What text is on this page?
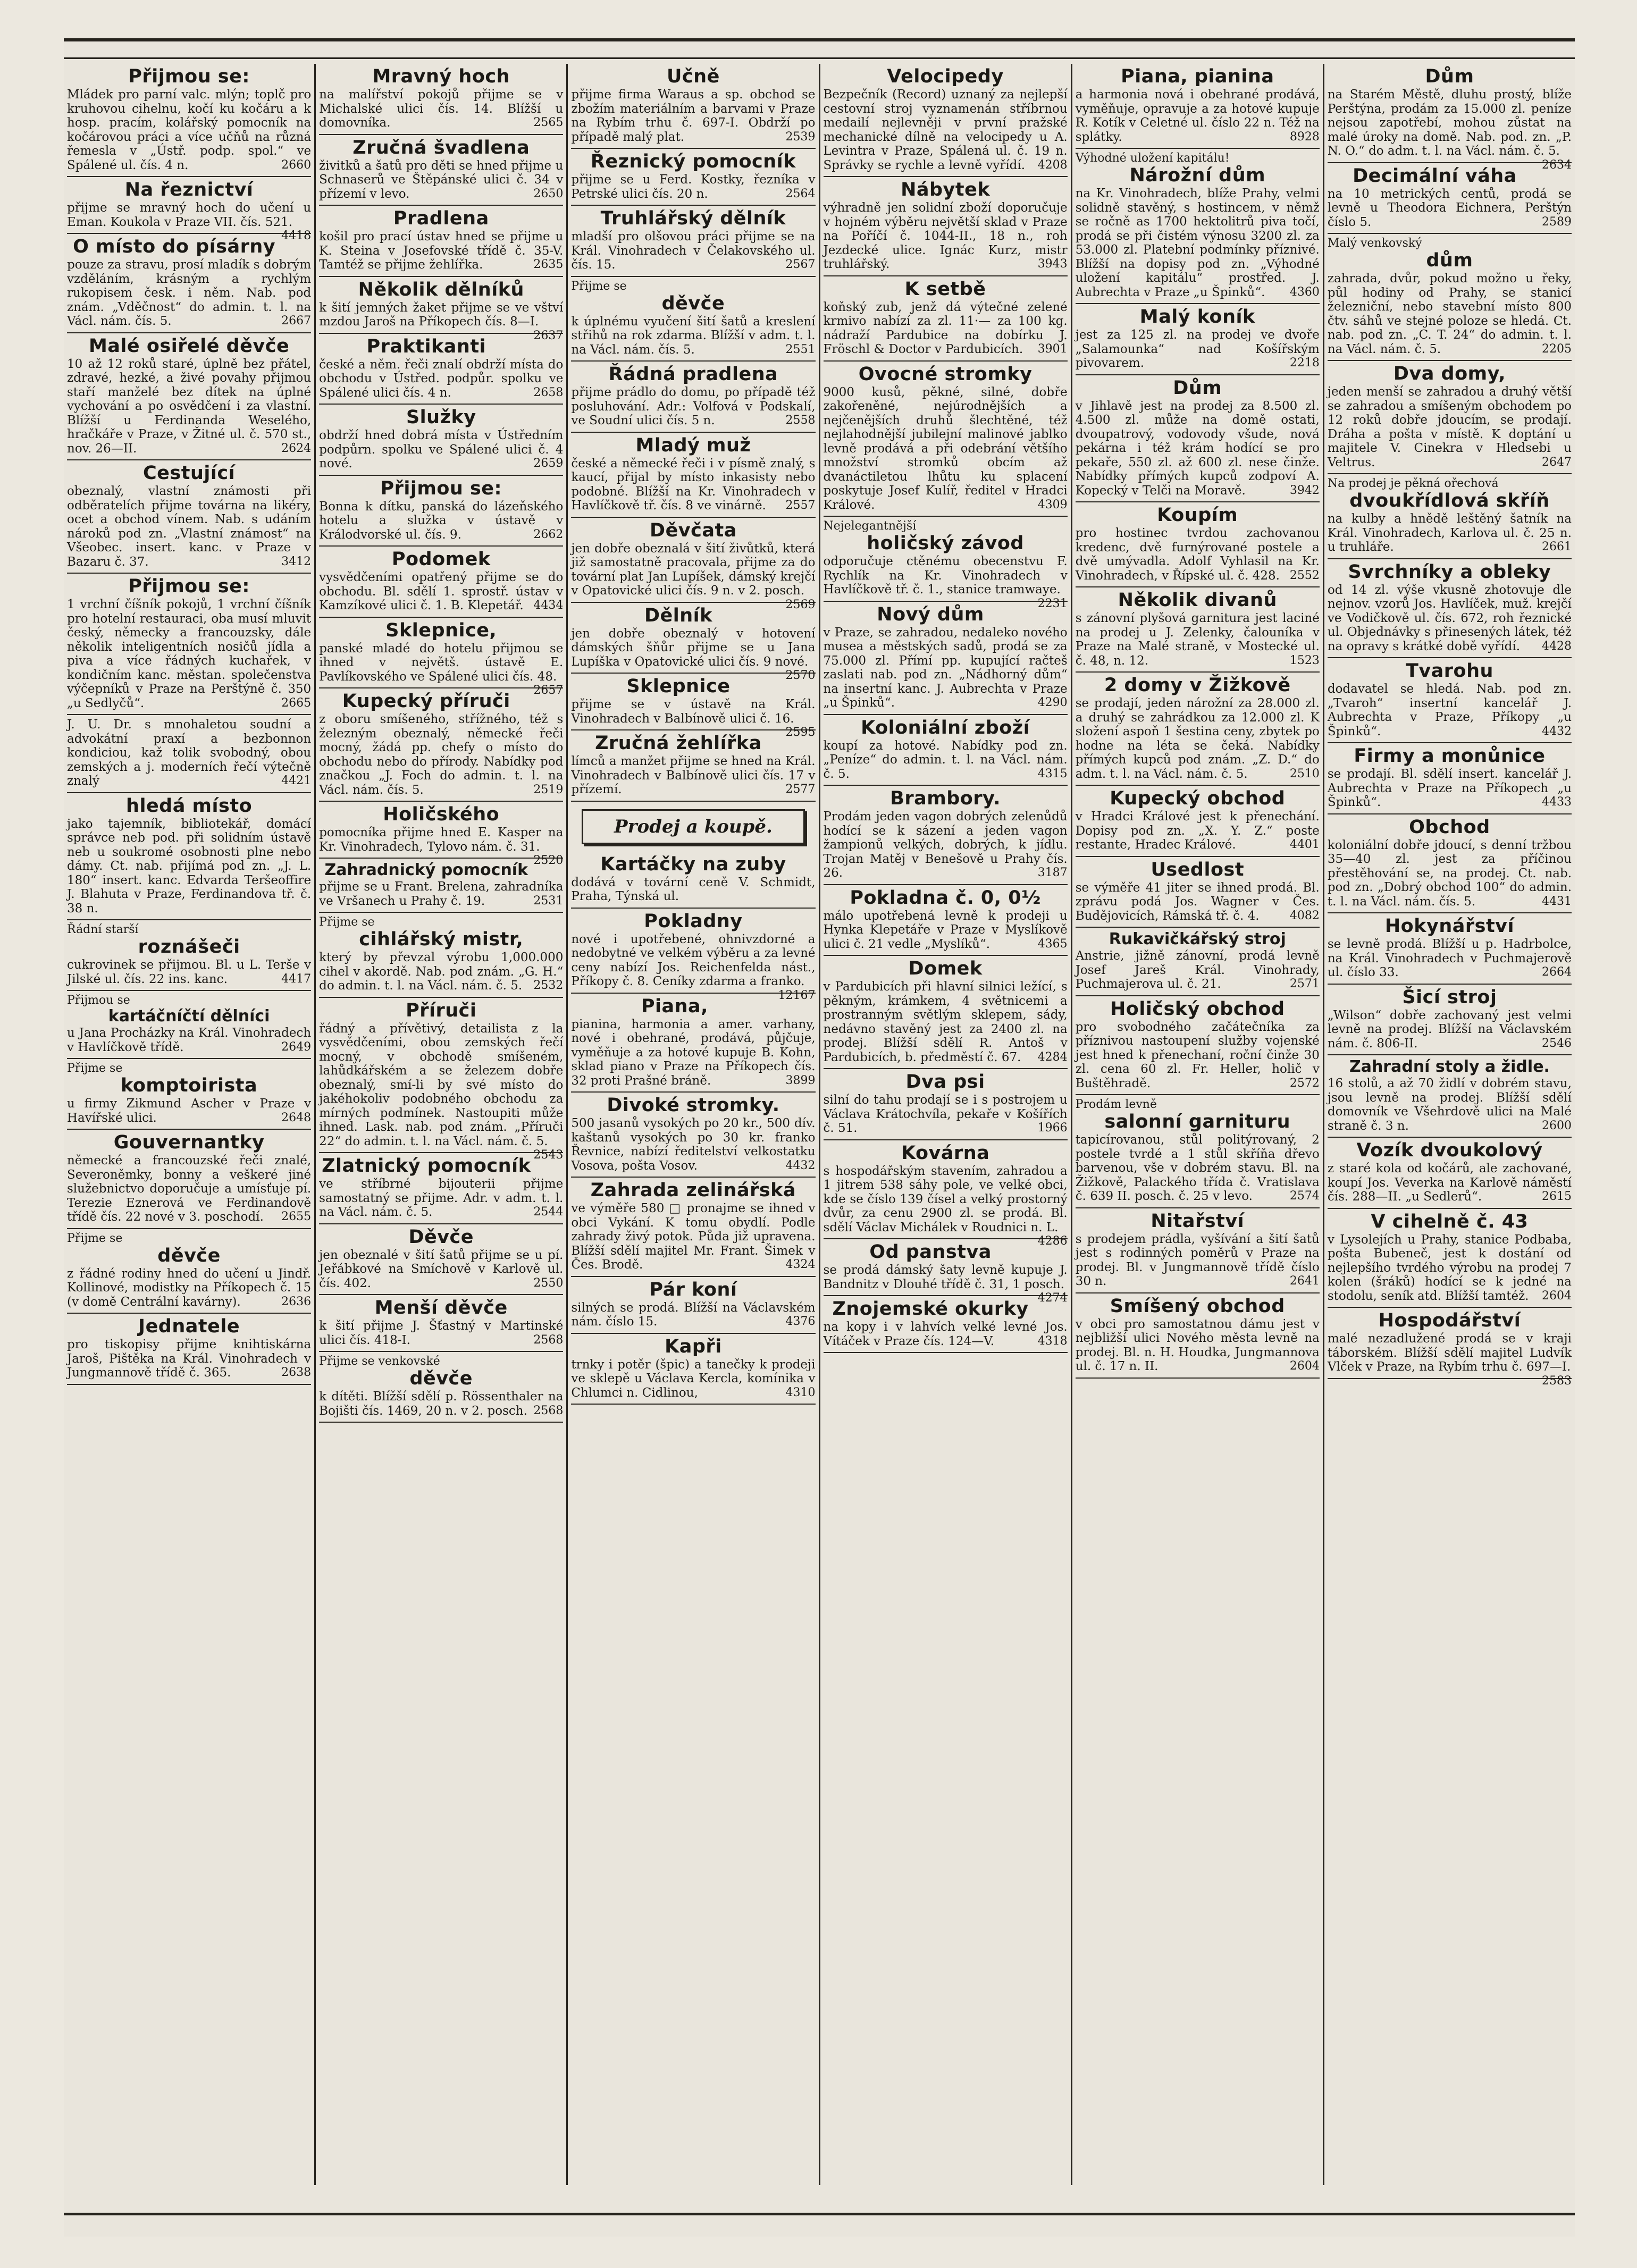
Přijmou se:

Mládek pro parní valc. mlýn; toplč pro kruhovou cihelnu, kočí ku kočáru a k hosp. pracím, kolářský pomocník na kočárovou práci a více učňů na různá řemesla v „Ústř. podp. spol.“ ve Spálené ul. čís. 4 n.	2660

Na řeznictví

přijme se mravný hoch do učení u Eman. Koukola v Praze VII. čís. 521.
4418

O místo do písárny

pouze za stravu, prosí mladík s dobrým vzděláním, krásným a rychlým rukopisem česk. i něm. Nab. pod znám. „Vděčnost“ do admin. t. l. na Václ. nám. čís. 5.	2667

Malé osiřelé děvče

10 až 12 roků staré, úplně bez přátel, zdravé, hezké, a živé povahy přijmou staří manželé bez dítek na úplné vychování a po osvědčení i za vlastní. Blížší u Ferdinanda Weselého, hračkáře v Praze, v Žitné ul. č. 570 st., nov. 26—II.	2624

Cestující

obeznalý, vlastní známosti při odběratelích přijme továrna na likéry, ocet a obchod vínem. Nab. s udáním nároků pod zn. „Vlastní známost“ na Všeobec. insert. kanc. v Praze v Bazaru č. 37.	3412

Přijmou se:

1 vrchní číšník pokojů, 1 vrchní číšník pro hotelní restauraci, oba musí mluvit český, německy a francouzsky, dále několik inteligentních nosičů jídla a piva a více řádných kuchařek, v kondičním kanc. městan. společenstva výčepníků v Praze na Perštýně č. 350 „u Sedlyčů“.	2665

J. U. Dr. s mnohaletou soudní a advokátní praxí a bezbonnon kondiciou, kaž tolik svobodný, obou zemských a j. moderních řečí výtečně znalý	4421

hledá místo

jako tajemník, bibliotekář, domácí správce neb pod. při solidním ústavě neb u soukromé osobnosti plne nebo dámy. Ct. nab. přijímá pod zn. „J. L. 180“ insert. kanc. Edvarda Teršeoffire J. Blahuta v Praze, Ferdinandova tř. č. 38 n.

Řádní starší
roznášeči

cukrovinek se přijmou. Bl. u L. Terše v Jilské ul. čís. 22 ins. kanc.	4417

Přijmou se
kartáčníčtí dělníci

u Jana Procházky na Král. Vinohradech v Havlíčkově třídě.	2649

Přijme se
komptoirista

u firmy Zikmund Ascher v Praze v Havířské ulici.	2648

Gouvernantky

německé a francouzské řeči znalé, Severoněmky, bonny a veškeré jiné služebnictvo doporučuje a umísťuje pí. Terezie Eznerová ve Ferdinandově třídě čís. 22 nové v 3. poschodí. 2655

Přijme se
děvče

z řádné rodiny hned do učení u Jindř. Kollinové, modistky na Příkopech č. 15 (v domě Centrální kavárny).	2636

Jednatele

pro tiskopisy přijme knihtiskárna Jaroš, Pištěka na Král. Vinohradech v Jungmannově třídě č. 365.	2638

Mravný hoch

na malířství pokojů přijme se v Michalské ulici čís. 14. Blížší u domovníka.	2565

Zručná švadlena

živitků a šatů pro děti se hned přijme u Schnaserů ve Štěpánské ulici č. 34 v přízemí v levo.	2650

Pradlena

košil pro prací ústav hned se přijme u K. Steina v Josefovské třídě č. 35-V. Tamtéž se přijme žehlířka.	2635

Několik dělníků

k šití jemných žaket přijme se ve vštví mzdou Jaroš na Příkopech čís. 8—I.
2637

Praktikanti

české a něm. řeči znalí obdrží místa do obchodu v Ústřed. podpůr. spolku ve Spálené ulici čís. 4 n.	2658

Služky

obdrží hned dobrá místa v Ústředním podpůrn. spolku ve Spálené ulici č. 4 nové.	2659

Přijmou se:

Bonna k dítku, panská do lázeňského hotelu a služka v ústavě v Králodvorské ul. čís. 9.	2662

Podomek

vysvědčeními opatřený přijme se do obchodu. Bl. sdělí 1. sprostř. ústav v Kamzíkové ulici č. 1. B. Klepetář. 4434

Sklepnice,

panské mladé do hotelu přijmou se ihned v největš. ústavě E. Pavlíkovského ve Spálené ulici čís. 48.
2657

Kupecký příruči

z oboru smíšeného, střížného, též s železným obeznalý, německé řeči mocný, žádá pp. chefy o místo do obchodu nebo do přírody. Nabídky pod značkou „J. Foch do admin. t. l. na Václ. nám. čís. 5.	2519

Holičského

pomocníka přijme hned E. Kasper na Kr. Vinohradech, Tylovo nám. č. 31.
2520

Zahradnický pomocník

přijme se u Frant. Brelena, zahradníka ve Vršanech u Prahy č. 19.	2531

Přijme se
cihlářský mistr,

který by převzal výrobu 1,000.000 cihel v akordě. Nab. pod znám. „G. H.“ do admin. t. l. na Václ. nám. č. 5. 2532

Příruči

řádný a přívětivý, detailista z la vysvědčeními, obou zemských řečí mocný, v obchodě smíšeném, lahůdkářském a se železem dobře obeznalý, smí-li by své místo do jakéhokoliv podobného obchodu za mírných podmínek. Nastoupiti může ihned. Lask. nab. pod znám. „Příruči 22“ do admin. t. l. na Václ. nám. č. 5.
2543

Zlatnický pomocník

ve stříbrné bijouterii přijme samostatný se přijme. Adr. v adm. t. l. na Václ. nám. č. 5.	2544

Děvče

jen obeznalé v šití šatů přijme se u pí. Jeřábkové na Smíchově v Karlově ul. čís. 402.	2550

Menší děvče

k šití přijme J. Šťastný v Martinské ulici čís. 418-I.	2568

Přijme se venkovské
děvče

k dítěti. Blížší sdělí p. Rössenthaler na Bojišti čís. 1469, 20 n. v 2. posch. 2568

Učně

přijme firma Waraus a sp. obchod se zbožím materiálním a barvami v Praze na Rybím trhu č. 697-I. Obdrží po případě malý plat.	2539

Řeznický pomocník

přijme se u Ferd. Kostky, řezníka v Petrské ulici čís. 20 n.	2564

Truhlářský dělník

mladší pro olšovou práci přijme se na Král. Vinohradech v Čelakovského ul. čís. 15.	2567

Přijme se
děvče

k úplnému vyučení šití šatů a kreslení střihů na rok zdarma. Blížší v adm. t. l. na Václ. nám. čís. 5.	2551

Řádná pradlena

přijme prádlo do domu, po případě též posluhování. Adr.: Volfová v Podskalí, ve Soudní ulici čís. 5 n.	2558

Mladý muž

české a německé řeči i v písmě znalý, s kaucí, přijal by místo inkasisty nebo podobné. Blížší na Kr. Vinohradech v Havlíčkově tř. čís. 8 ve vinárně. 2557

Děvčata

jen dobře obeznalá v šití živůtků, která již samostatně pracovala, přijme za do tovární plat Jan Lupíšek, dámský krejčí v Opatovické ulici čís. 9 n. v 2. posch.
2569

Dělník

jen dobře obeznalý v hotovení dámských šňůr přijme se u Jana Lupíška v Opatovické ulici čís. 9 nové.
2570

Sklepnice

přijme se v ústavě na Král. Vinohradech v Balbínově ulici č. 16.
2595

Zručná žehlířka

límců a manžet přijme se hned na Král. Vinohradech v Balbínově ulici čís. 17 v přízemí.	2577

Prodej a koupě.
Kartáčky na zuby

dodává v tovární ceně V. Schmidt, Praha, Týnská ul.

Pokladny

nové i upotřebené, ohnivzdorné a nedobytné ve velkém výběru a za levné ceny nabízí Jos. Reichenfelda nást., Příkopy č. 8. Ceníky zdarma a franko.
12167

Piana,

pianina, harmonia a amer. varhany, nové i obehrané, prodává, půjčuje, vyměňuje a za hotové kupuje B. Kohn, sklad piano v Praze na Příkopech čís. 32 proti Prašné bráně.	3899

Divoké stromky.

500 jasanů vysokých po 20 kr., 500 dív. kaštanů vysokých po 30 kr. franko Řevnice, nabízí ředitelství velkostatku Vosova, pošta Vosov.	4432

Zahrada zelinářská

ve výměře 580 □ pronajme se ihned v obci Vykání. K tomu obydlí. Podle zahrady živý potok. Půda již upravena. Blížší sdělí majitel Mr. Frant. Šimek v Čes. Brodě.	4324

Pár koní

silných se prodá. Blížší na Václavském nám. číslo 15.	4376

Kapři

trnky i potěr (špic) a tanečky k prodeji ve sklepě u Václava Kercla, komínika v Chlumci n. Cidlinou,	4310

Velocipedy

Bezpečník (Record) uznaný za nejlepší cestovní stroj vyznamenán stříbrnou medailí nejlevněji v první pražské mechanické dílně na velocipedy u A. Levintra v Praze, Spálená ul. č. 19 n. Správky se rychle a levně vyřídí. 4208

Nábytek

výhradně jen solidní zboží doporučuje v hojném výběru největší sklad v Praze na Poříčí č. 1044-II., 18 n., roh Jezdecké ulice. Ignác Kurz, mistr truhlářský.	3943

K setbě

koňský zub, jenž dá výtečné zelené krmivo nabízí za zl. 11·— za 100 kg. nádraží Pardubice na dobírku J. Fröschl & Doctor v Pardubicích. 3901

Ovocné stromky

9000 kusů, pěkné, silné, dobře zakořeněné, nejúrodnějších a nejčenějších druhů šlechtěné, též nejlahodnější jubilejní malinové jablko levně prodává a při odebrání většího množství stromků obcím až dvanáctiletou lhůtu ku splacení poskytuje Josef Kulíř, ředitel v Hradci Králové.	4309

Nejelegantnější
holičský závod

odporučuje ctěnému obecenstvu F. Rychlík na Kr. Vinohradech v Havlíčkově tř. č. 1., stanice tramwaye.
2231

Nový dům

v Praze, se zahradou, nedaleko nového musea a městských sadů, prodá se za 75.000 zl. Přímí pp. kupující račteš zaslati nab. pod zn. „Nádhorný dům“ na insertní kanc. J. Aubrechta v Praze „u Špinků“.	4290

Koloniální zboží

koupí za hotové. Nabídky pod zn. „Peníze“ do admin. t. l. na Václ. nám. č. 5.	4315

Brambory.

Prodám jeden vagon dobrých zelenůdů hodící se k sázení a jeden vagon žampionů velkých, dobrých, k jídlu. Trojan Matěj v Benešově u Prahy čís. 26.	3187

Pokladna č. 0, 0½

málo upotřebená levně k prodeji u Hynka Klepetáře v Praze v Myslíkově ulici č. 21 vedle „Myslíků“.	4365

Domek

v Pardubicích při hlavní silnici ležící, s pěkným, krámkem, 4 světnicemi a prostranným světlým sklepem, sády, nedávno stavěný jest za 2400 zl. na prodej. Blížší sdělí R. Antoš v Pardubicích, b. předměstí č. 67. 4284

Dva psi

silní do tahu prodají se i s postrojem u Václava Krátochvíla, pekaře v Košířích č. 51.	1966

Kovárna

s hospodářským stavením, zahradou a 1 jitrem 538 sáhy pole, ve velké obci, kde se číslo 139 čísel a velký prostorný dvůr, za cenu 2900 zl. se prodá. Bl. sdělí Václav Michálek v Roudnici n. L.
4286

Od panstva

se prodá dámský šaty levně kupuje J. Bandnitz v Dlouhé třídě č. 31, 1 posch.
4274

Znojemské okurky

na kopy i v lahvích velké levné Jos. Vítáček v Praze čís. 124—V.	4318

Piana, pianina

a harmonia nová i obehrané prodává, vyměňuje, opravuje a za hotové kupuje R. Kotík v Celetné ul. číslo 22 n. Též na splátky.	8928

Výhodné uložení kapitálu!
Nárožní dům

na Kr. Vinohradech, blíže Prahy, velmi solidně stavěný, s hostincem, v němž se ročně as 1700 hektolitrů piva točí, prodá se při čistém výnosu 3200 zl. za 53.000 zl. Platební podmínky příznivé. Blížší na dopisy pod zn. „Výhodné uložení kapitálu“ prostřed. J. Aubrechta v Praze „u Špinků“. 4360

Malý koník

jest za 125 zl. na prodej ve dvoře „Salamounka“ nad Košířským pivovarem.	2218

Dům

v Jihlavě jest na prodej za 8.500 zl. 4.500 zl. může na domě ostati, dvoupatrový, vodovody všude, nová pekárna i též krám hodící se pro pekaře, 550 zl. až 600 zl. nese činže. Nabídky přímých kupců zodpoví A. Kopecký v Telči na Moravě.	3942

Koupím

pro hostinec tvrdou zachovanou kredenc, dvě furnýrované postele a dvě umývadla. Adolf Vyhlasil na Kr. Vinohradech, v Řípské ul. č. 428. 2552

Několik divanů

s zánovní plyšová garnitura jest laciné na prodej u J. Zelenky, čalouníka v Praze na Malé straně, v Mostecké ul. č. 48, n. 12.	1523

2 domy v Žižkově

se prodají, jeden nárožní za 28.000 zl. a druhý se zahrádkou za 12.000 zl. K složení aspoň 1 šestina ceny, zbytek po hodne na léta se čeká. Nabídky přímých kupců pod znám. „Z. D.“ do adm. t. l. na Václ. nám. č. 5.	2510

Kupecký obchod

v Hradci Králové jest k přenechání. Dopisy pod zn. „X. Y. Z.“ poste restante, Hradec Králové.	4401

Usedlost

se výměře 41 jiter se ihned prodá. Bl. zprávu podá Jos. Wagner v Čes. Budějovicích, Rámská tř. č. 4.	4082

Rukavičkářský stroj

Anstrie, jižně zánovní, prodá levně Josef Jareš Král. Vinohrady, Puchmajerova ul. č. 21.	2571

Holičský obchod

pro svobodného začátečníka za příznivou nastoupení služby vojenské jest hned k přenechaní, roční činže 30 zl. cena 60 zl. Fr. Heller, holič v Buštěhradě.	2572

Prodám levně
salonní garnituru

tapicírovanou, stůl politýrovaný, 2 postele tvrdé a 1 stůl skříňa dřevo barvenou, vše v dobrém stavu. Bl. na Žižkově, Palackého třída č. Vratislava č. 639 II. posch. č. 25 v levo.	2574

Nitařství

s prodejem prádla, vyšívání a šití šatů jest s rodinných poměrů v Praze na prodej. Bl. v Jungmannově třídě číslo 30 n.	2641

Smíšený obchod

v obci pro samostatnou dámu jest v nejbližší ulici Nového města levně na prodej. Bl. n. H. Houdka, Jungmannova ul. č. 17 n. II.	2604

Dům

na Starém Městě, dluhu prostý, blíže Perštýna, prodám za 15.000 zl. peníze nejsou zapotřebí, mohou zůstat na malé úroky na domě. Nab. pod. zn. „P. N. O.“ do adm. t. l. na Václ. nám. č. 5.
2634

Decimální váha

na 10 metrických centů, prodá se levně u Theodora Eichnera, Perštýn číslo 5.	2589

Malý venkovský
dům

zahrada, dvůr, pokud možno u řeky, půl hodiny od Prahy, se stanicí železniční, nebo stavební místo 800 čtv. sáhů ve stejné poloze se hledá. Ct. nab. pod zn. „C. T. 24“ do admin. t. l. na Václ. nám. č. 5.	2205

Dva domy,

jeden menší se zahradou a druhý větší se zahradou a smíšeným obchodem po 12 roků dobře jdoucím, se prodají. Dráha a pošta v místě. K doptání u majitele V. Cinekra v Hledsebi u Veltrus.	2647

Na prodej je pěkná ořechová
dvoukřídlová skříň

na kulby a hnědě leštěný šatník na Král. Vinohradech, Karlova ul. č. 25 n. u truhláře.	2661

Svrchníky a obleky

od 14 zl. výše vkusně zhotovuje dle nejnov. vzorů Jos. Havlíček, muž. krejčí ve Vodičkově ul. čís. 672, roh řeznické ul. Objednávky s přinesených látek, též na opravy s krátké době vyřídí. 4428

Tvarohu

dodavatel se hledá. Nab. pod zn. „Tvaroh“ insertní kancelář J. Aubrechta v Praze, Příkopy „u Špinků“.	4432

Firmy a monůnice

se prodají. Bl. sdělí insert. kancelář J. Aubrechta v Praze na Příkopech „u Špinků“.	4433

Obchod

koloniální dobře jdoucí, s denní tržbou 35—40 zl. jest za příčinou přestěhování se, na prodej. Ct. nab. pod zn. „Dobrý obchod 100“ do admin. t. l. na Václ. nám. čís. 5.	4431

Hokynářství

se levně prodá. Blížší u p. Hadrbolce, na Král. Vinohradech v Puchmajerově ul. číslo 33.	2664

Šicí stroj

„Wilson“ dobře zachovaný jest velmi levně na prodej. Blížší na Václavském nám. č. 806-II.	2546

Zahradní stoly a židle.

16 stolů, a až 70 židlí v dobrém stavu, jsou levně na prodej. Blížší sdělí domovník ve Všehrdově ulici na Malé straně č. 3 n.	2600

Vozík dvoukolový

z staré kola od kočárů, ale zachované, koupí Jos. Veverka na Karlově náměstí čís. 288—II. „u Sedlerů“.	2615

V cihelně č. 43

v Lysolejích u Prahy, stanice Podbaba, pošta Bubeneč, jest k dostání od nejlepšího tvrdého výrobu na prodej 7 kolen (šráků) hodící se k jedné na stodolu, seník atd. Blížší tamtéž. 2604

Hospodářství

malé nezadlužené prodá se v kraji táborském. Blížší sdělí majitel Ludvík Vlček v Praze, na Rybím trhu č. 697—I.
2583
